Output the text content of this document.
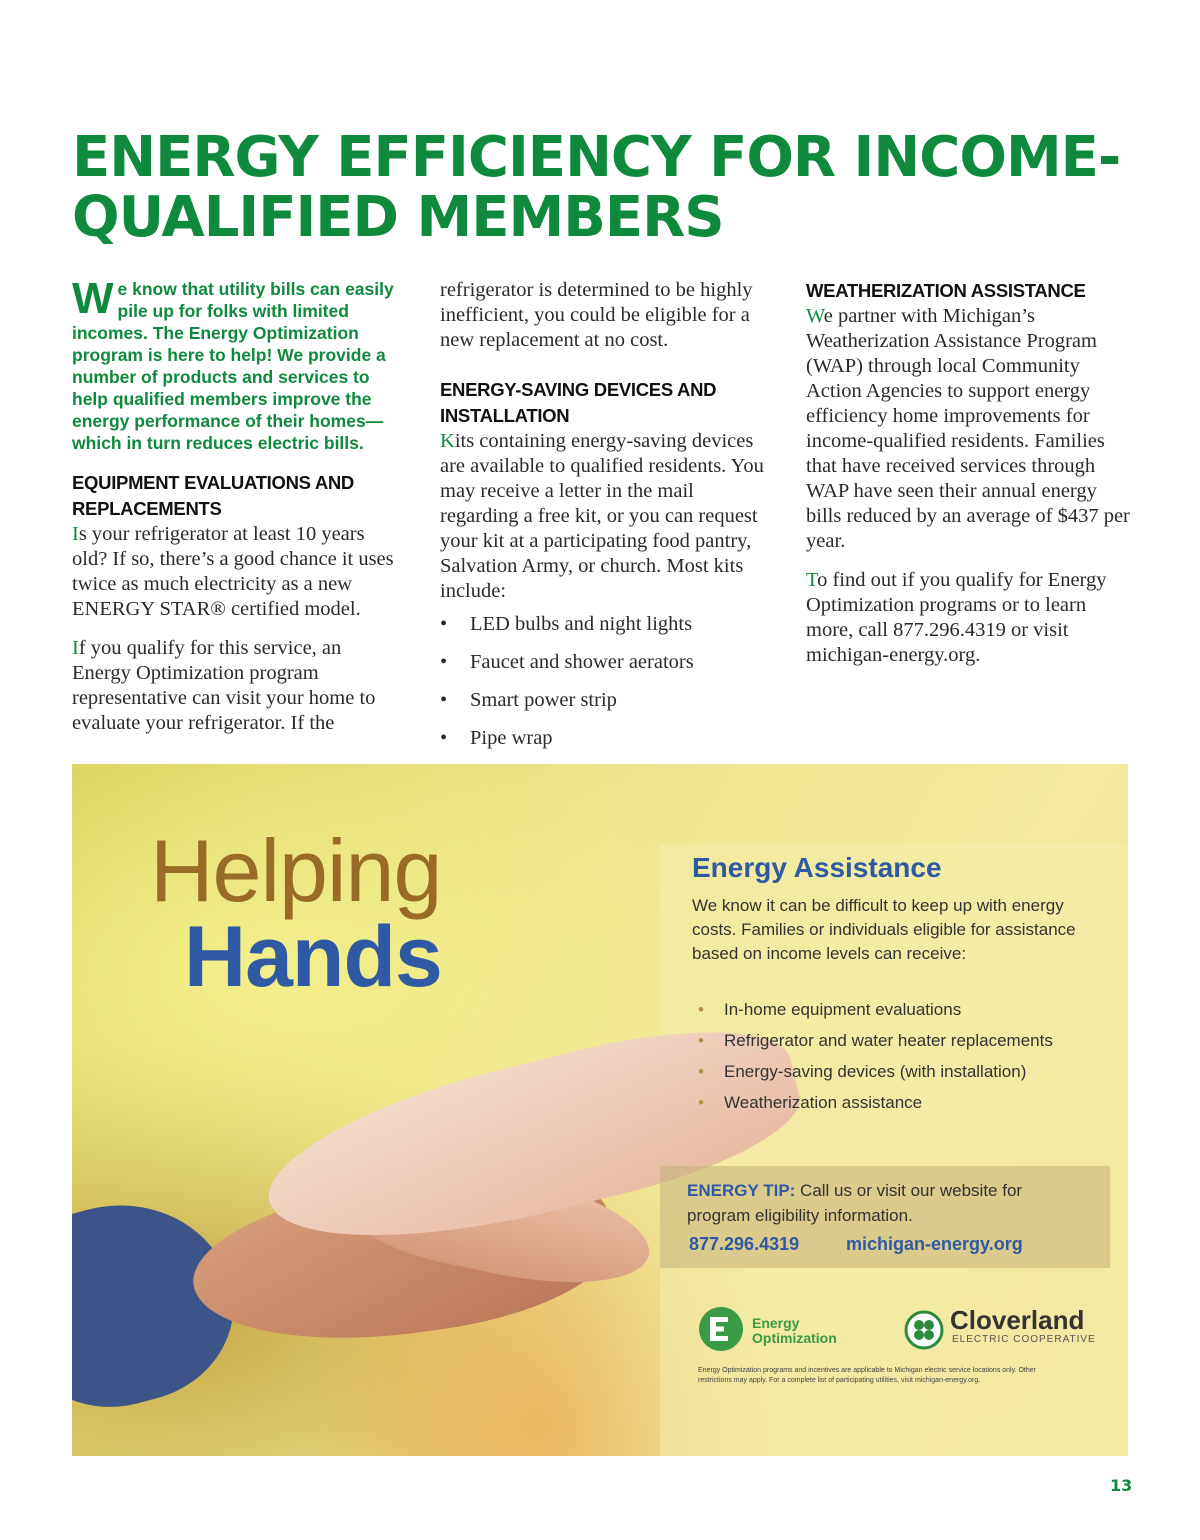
ENERGY EFFICIENCY FOR INCOME-QUALIFIED MEMBERS

We know that utility bills can easily pile up for folks with limited incomes. The Energy Optimization program is here to help! We provide a number of products and services to help qualified members improve the energy performance of their homes—which in turn reduces electric bills.

EQUIPMENT EVALUATIONS AND REPLACEMENTS

Is your refrigerator at least 10 years old? If so, there’s a good chance it uses twice as much electricity as a new ENERGY STAR® certified model.

If you qualify for this service, an Energy Optimization program representative can visit your home to evaluate your refrigerator. If the

refrigerator is determined to be highly inefficient, you could be eligible for a new replacement at no cost.

ENERGY-SAVING DEVICES AND INSTALLATION

Kits containing energy-saving devices are available to qualified residents. You may receive a letter in the mail regarding a free kit, or you can request your kit at a participating food pantry, Salvation Army, or church. Most kits include:

• LED bulbs and night lights
• Faucet and shower aerators
• Smart power strip
• Pipe wrap
WEATHERIZATION ASSISTANCE

We partner with Michigan’s Weatherization Assistance Program (WAP) through local Community Action Agencies to support energy efficiency home improvements for income-qualified residents. Families that have received services through WAP have seen their annual energy bills reduced by an average of $437 per year.

To find out if you qualify for Energy Optimization programs or to learn more, call 877.296.4319 or visit michigan-energy.org.

Helping
Hands
Energy Assistance

We know it can be difficult to keep up with energy costs. Families or individuals eligible for assistance based on income levels can receive:

• In-home equipment evaluations
• Refrigerator and water heater replacements
• Energy-saving devices (with installation)
• Weatherization assistance

ENERGY TIP: Call us or visit our website for program eligibility information.

877.296.4319	michigan-energy.org
Energy Optimization
Cloverland
ELECTRIC COOPERATIVE

Energy Optimization programs and incentives are applicable to Michigan electric service locations only. Other restrictions may apply. For a complete list of participating utilities, visit michigan-energy.org.

13
